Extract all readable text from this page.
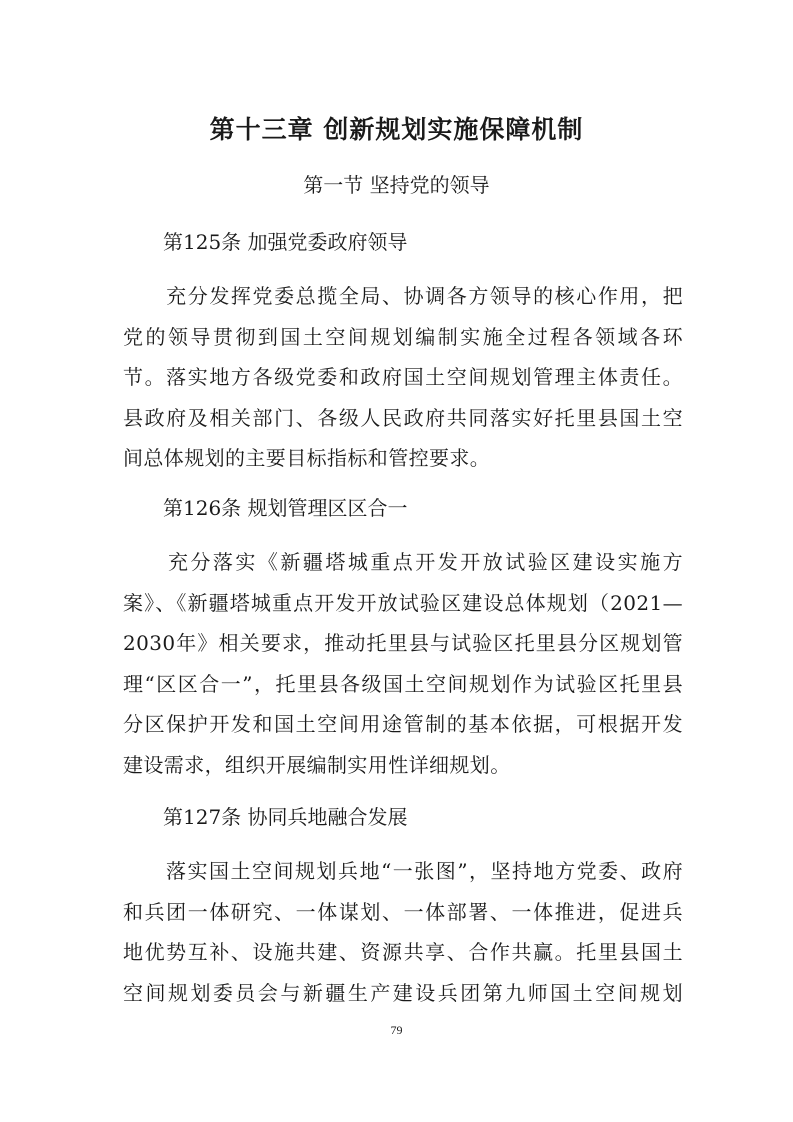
第十三章 创新规划实施保障机制
第一节 坚持党的领导
第125条 加强党委政府领导
　　充分发挥党委总揽全局、协调各方领导的核心作用，把
党的领导贯彻到国土空间规划编制实施全过程各领域各环
节。落实地方各级党委和政府国土空间规划管理主体责任。
县政府及相关部门、各级人民政府共同落实好托里县国土空
间总体规划的主要目标指标和管控要求。
第126条 规划管理区区合一
　　充分落实《新疆塔城重点开发开放试验区建设实施方
案》、《新疆塔城重点开发开放试验区建设总体规划（2021—
2030年》相关要求，推动托里县与试验区托里县分区规划管
理“区区合一”，托里县各级国土空间规划作为试验区托里县
分区保护开发和国土空间用途管制的基本依据，可根据开发
建设需求，组织开展编制实用性详细规划。
第127条 协同兵地融合发展
　　落实国土空间规划兵地“一张图”，坚持地方党委、政府
和兵团一体研究、一体谋划、一体部署、一体推进，促进兵
地优势互补、设施共建、资源共享、合作共赢。托里县国土
空间规划委员会与新疆生产建设兵团第九师国土空间规划
79
